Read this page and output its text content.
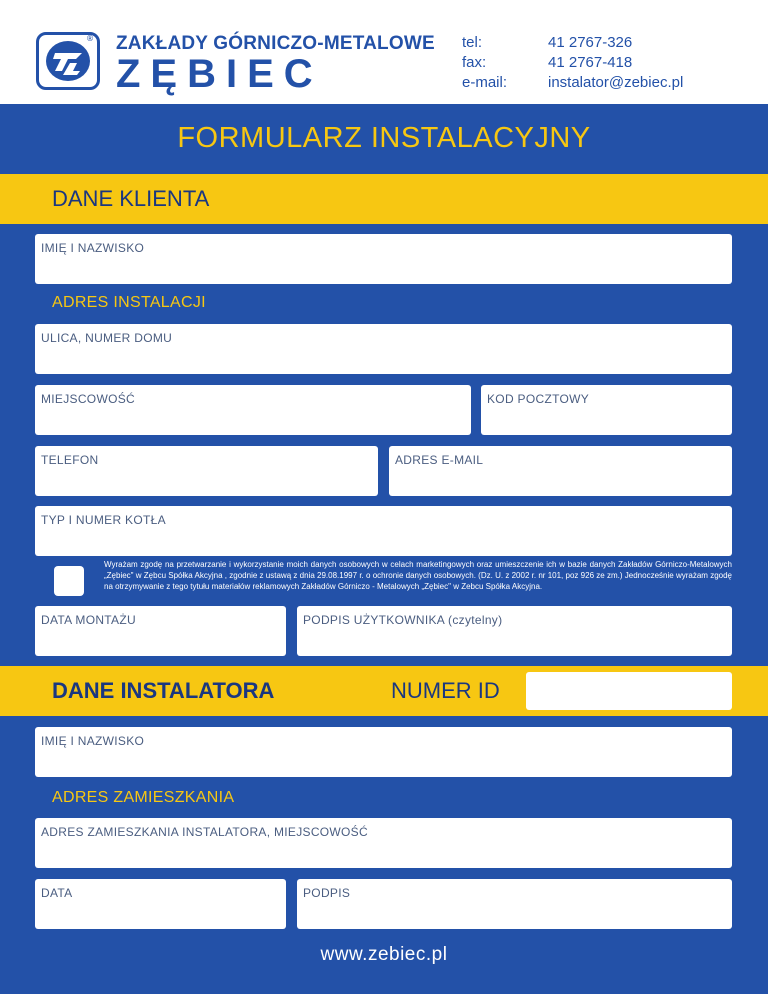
® ZAKŁADY GÓRNICZO-METALOWE
ZĘBIEC
tel:	41 2767-326
fax:	41 2767-418
e-mail:	instalator@zebiec.pl
FORMULARZ INSTALACYJNY
DANE KLIENTA
IMIĘ I NAZWISKO
ADRES INSTALACJI
ULICA, NUMER DOMU
MIEJSCOWOŚĆ	KOD POCZTOWY
TELEFON	ADRES E-MAIL
TYP I NUMER KOTŁA
Wyrażam zgodę na przetwarzanie i wykorzystanie moich danych osobowych w celach marketingowych oraz umieszczenie ich w bazie danych Zakładów Górniczo-Metalowych „Zębiec" w Zębcu Spółka Akcyjna , zgodnie z ustawą z dnia 29.08.1997 r. o ochronie danych osobowych. (Dz. U. z 2002 r. nr 101, poz 926 ze zm.) Jednocześnie wyrażam zgodę na otrzymywanie z tego tytułu materiałów reklamowych Zakładów Górniczo - Metalowych „Zębiec" w Zebcu Spółka Akcyjna.
DATA MONTAŻU	PODPIS UŻYTKOWNIKA (czytelny)
DANE INSTALATORA	NUMER ID
IMIĘ I NAZWISKO
ADRES ZAMIESZKANIA
ADRES ZAMIESZKANIA INSTALATORA, MIEJSCOWOŚĆ
DATA	PODPIS
www.zebiec.pl
